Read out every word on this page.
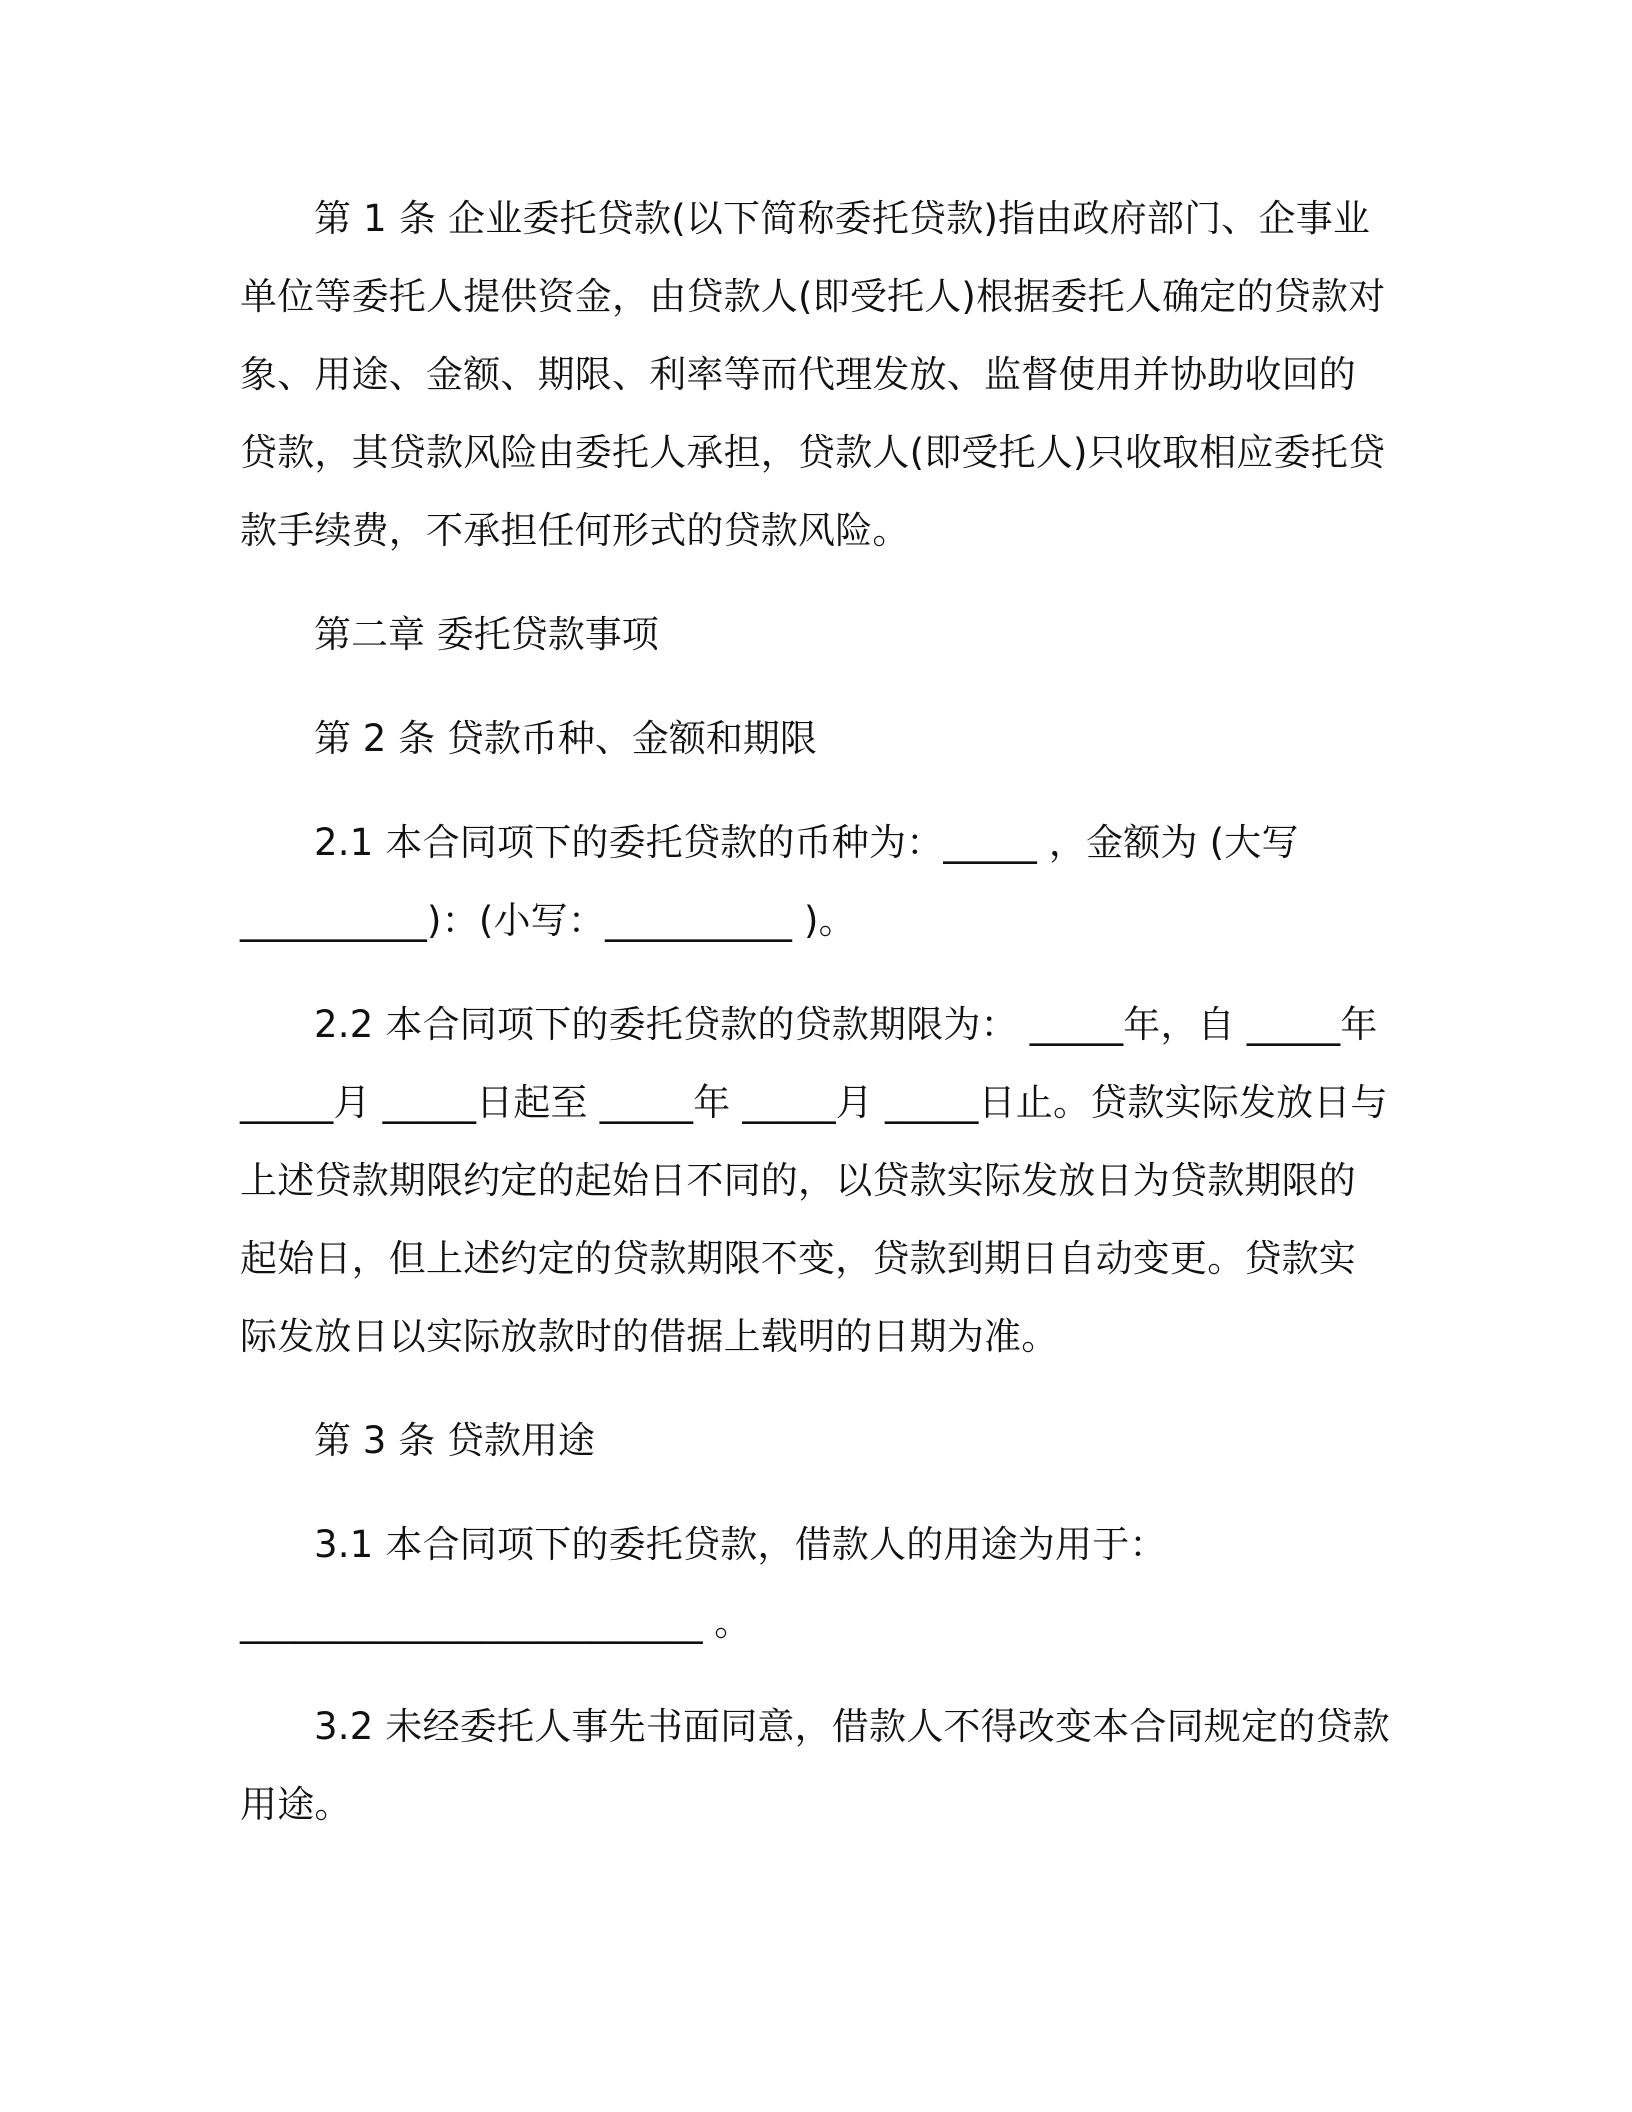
第 1 条 企业委托贷款(以下简称委托贷款)指由政府部门、企事业单位等委托人提供资金，由贷款人(即受托人)根据委托人确定的贷款对象、用途、金额、期限、利率等而代理发放、监督使用并协助收回的贷款，其贷款风险由委托人承担，贷款人(即受托人)只收取相应委托贷款手续费，不承担任何形式的贷款风险。

第二章 委托贷款事项

第 2 条 贷款币种、金额和期限

2.1 本合同项下的委托贷款的币种为：_____ ，金额为 (大写__________)：(小写：__________ )。

2.2 本合同项下的委托贷款的贷款期限为： _____年，自 _____年 _____月 _____日起至 _____年 _____月 _____日止。贷款实际发放日与上述贷款期限约定的起始日不同的，以贷款实际发放日为贷款期限的起始日，但上述约定的贷款期限不变，贷款到期日自动变更。贷款实际发放日以实际放款时的借据上载明的日期为准。

第 3 条 贷款用途

3.1 本合同项下的委托贷款，借款人的用途为用于：

_________________________ 。

3.2 未经委托人事先书面同意，借款人不得改变本合同规定的贷款用途。
